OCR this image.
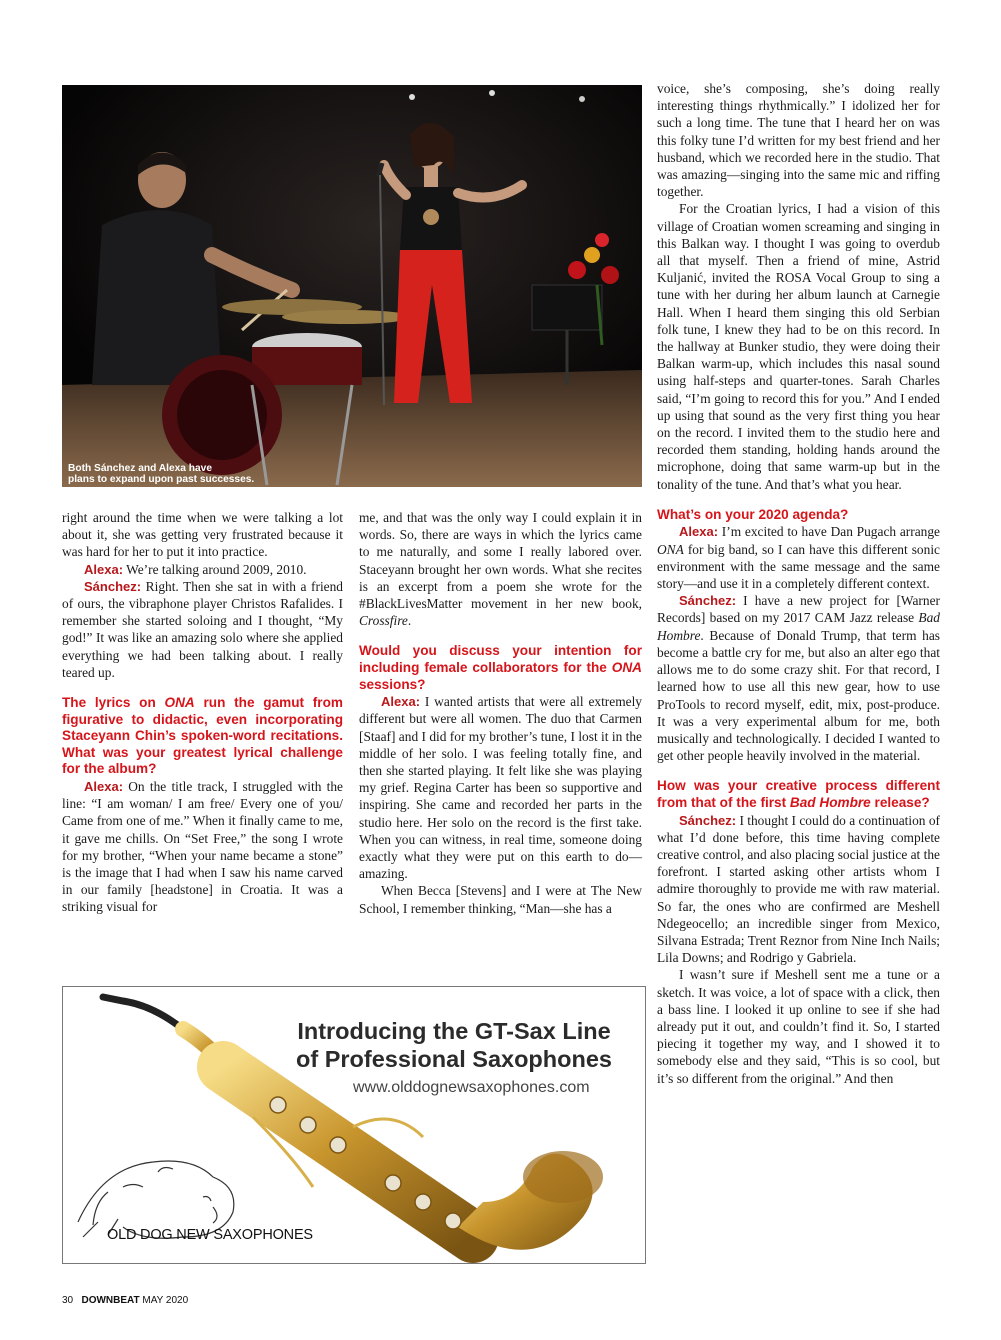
Both Sánchez and Alexa have
plans to expand upon past successes.

right around the time when we were talking a lot about it, she was getting very frustrated because it was hard for her to put it into practice.

Alexa: We’re talking around 2009, 2010.

Sánchez: Right. Then she sat in with a friend of ours, the vibraphone player Christos Rafalides. I remember she started soloing and I thought, “My god!” It was like an amazing solo where she applied everything we had been talking about. I really teared up.

The lyrics on ONA run the gamut from figurative to didactic, even incorporating Staceyann Chin’s spoken-word recitations. What was your greatest lyrical challenge for the album?

Alexa: On the title track, I struggled with the line: “I am woman/ I am free/ Every one of you/ Came from one of me.” When it finally came to me, it gave me chills. On “Set Free,” the song I wrote for my brother, “When your name became a stone” is the image that I had when I saw his name carved in our family [headstone] in Croatia. It was a striking visual for

me, and that was the only way I could explain it in words. So, there are ways in which the lyrics came to me naturally, and some I really labored over. Staceyann brought her own words. What she recites is an excerpt from a poem she wrote for the #BlackLivesMatter movement in her new book, Crossfire.

Would you discuss your intention for including female collaborators for the ONA sessions?

Alexa: I wanted artists that were all extremely different but were all women. The duo that Carmen [Staaf] and I did for my brother’s tune, I lost it in the middle of her solo. I was feeling totally fine, and then she started playing. It felt like she was playing my grief. Regina Carter has been so supportive and inspiring. She came and recorded her parts in the studio here. Her solo on the record is the first take. When you can witness, in real time, someone doing exactly what they were put on this earth to do—amazing.

When Becca [Stevens] and I were at The New School, I remember thinking, “Man—she has a

voice, she’s composing, she’s doing really interesting things rhythmically.” I idolized her for such a long time. The tune that I heard her on was this folky tune I’d written for my best friend and her husband, which we recorded here in the studio. That was amazing—singing into the same mic and riffing together.

For the Croatian lyrics, I had a vision of this village of Croatian women screaming and singing in this Balkan way. I thought I was going to overdub all that myself. Then a friend of mine, Astrid Kuljanić, invited the ROSA Vocal Group to sing a tune with her during her album launch at Carnegie Hall. When I heard them singing this old Serbian folk tune, I knew they had to be on this record. In the hallway at Bunker studio, they were doing their Balkan warm-up, which includes this nasal sound using half-steps and quarter-tones. Sarah Charles said, “I’m going to record this for you.” And I ended up using that sound as the very first thing you hear on the record. I invited them to the studio here and recorded them standing, holding hands around the microphone, doing that same warm-up but in the tonality of the tune. And that’s what you hear.

What’s on your 2020 agenda?

Alexa: I’m excited to have Dan Pugach arrange ONA for big band, so I can have this different sonic environment with the same message and the same story—and use it in a completely different context.

Sánchez: I have a new project for [Warner Records] based on my 2017 CAM Jazz release Bad Hombre. Because of Donald Trump, that term has become a battle cry for me, but also an alter ego that allows me to do some crazy shit. For that record, I learned how to use all this new gear, how to use ProTools to record myself, edit, mix, post-produce. It was a very experimental album for me, both musically and technologically. I decided I wanted to get other people heavily involved in the material.

How was your creative process different from that of the first Bad Hombre release?

Sánchez: I thought I could do a continuation of what I’d done before, this time having complete creative control, and also placing social justice at the forefront. I started asking other artists whom I admire thoroughly to provide me with raw material. So far, the ones who are confirmed are Meshell Ndegeocello; an incredible singer from Mexico, Silvana Estrada; Trent Reznor from Nine Inch Nails; Lila Downs; and Rodrigo y Gabriela.

I wasn’t sure if Meshell sent me a tune or a sketch. It was voice, a lot of space with a click, then a bass line. I looked it up online to see if she had already put it out, and couldn’t find it. So, I started piecing it together my way, and I showed it to somebody else and they said, “This is so cool, but it’s so different from the original.” And then

Introducing the GT-Sax Line
of Professional Saxophones
www.olddognewsaxophones.com
OLD DOG NEW SAXOPHONES
30 DOWNBEAT MAY 2020
